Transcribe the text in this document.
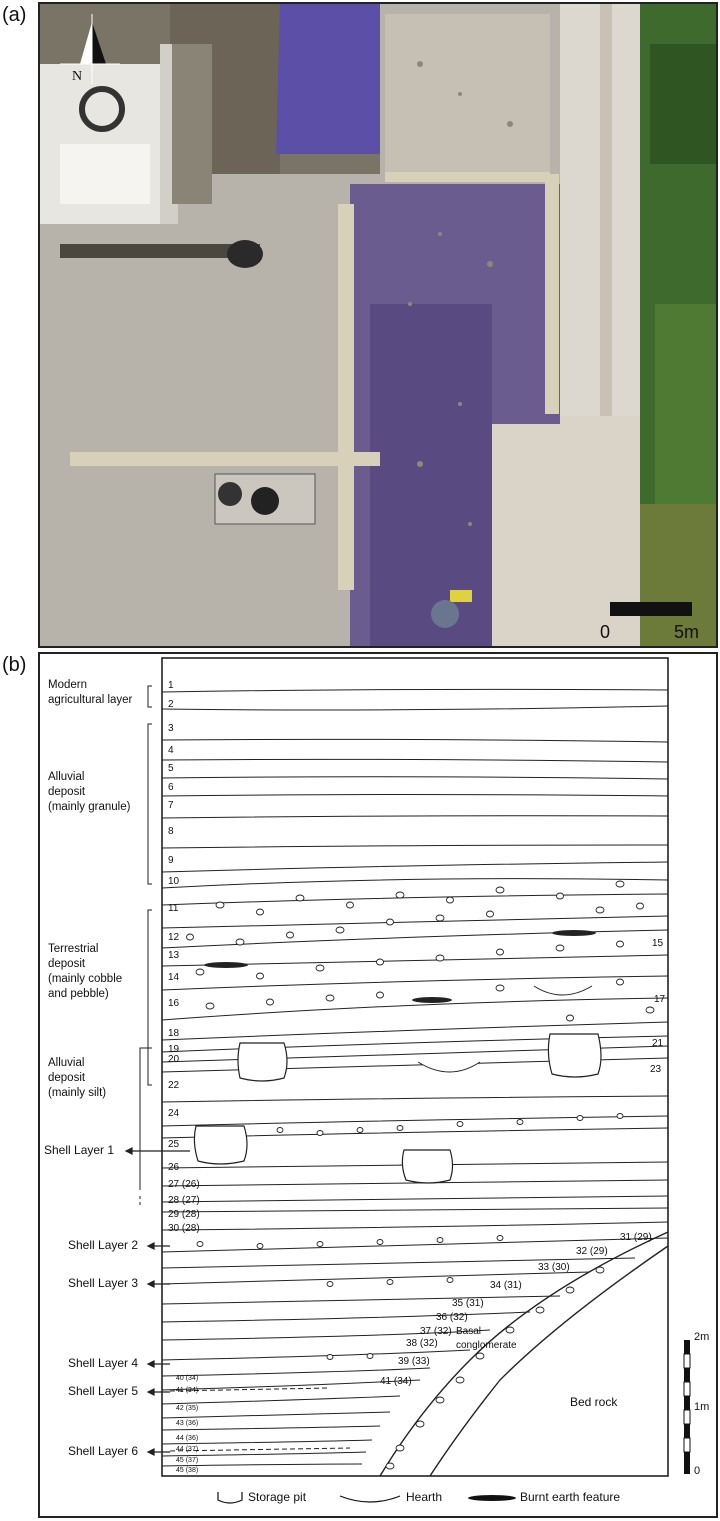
(a)
(b)
N
0	5m
Modern
agricultural layer
Alluvial
deposit
(mainly granule)
Terrestrial
deposit
(mainly cobble
and pebble)
Alluvial
deposit
(mainly silt)
Shell Layer 1
Shell Layer 2
Shell Layer 3
Shell Layer 4
Shell Layer 5
Shell Layer 6
1
2
3
4
5
6
7
8
9
10
11
12
13
14
15
16	17
18
19
20
21
22
23
24
25
26
27 (26)
28 (27)
29 (28)
30 (28)
31 (29)
32 (29)
33 (30)
34 (31)
35 (31)
36 (32)
37 (32)
38 (32)
39 (33)
41 (34)
40 (34)
41 (34)
42 (35)
43 (36)
44 (36)
44 (37)
45 (37)
45 (38)
Basal
conglomerate
Bed rock
2m
1m
0
Storage pit	Hearth	Burnt earth feature
